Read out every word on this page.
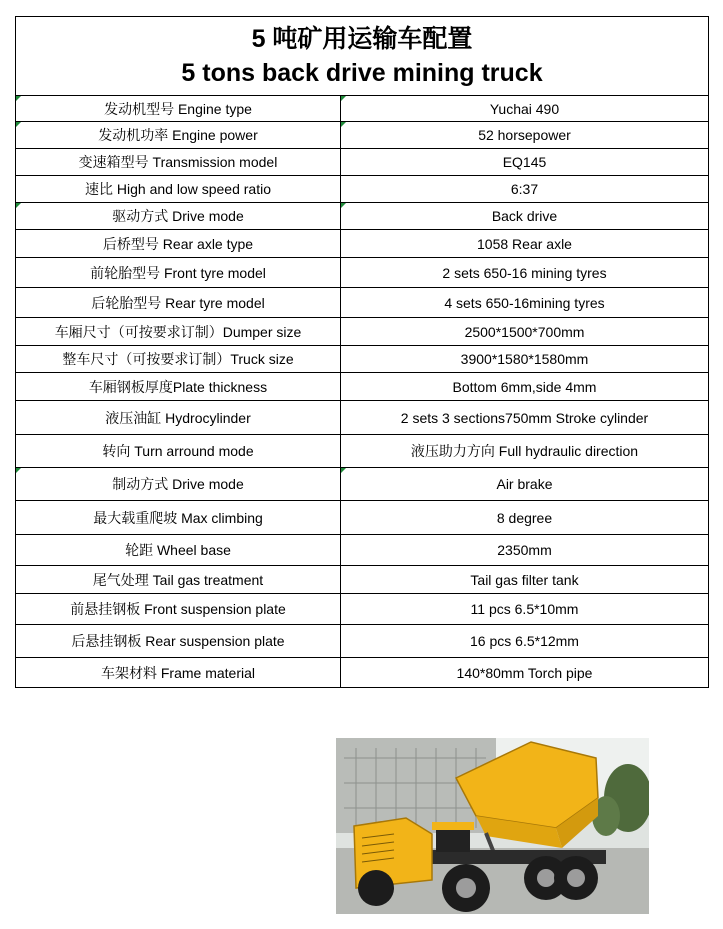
5 吨矿用运输车配置
5 tons back drive mining truck	

发动机型号 Engine type	Yuchai 490

发动机功率 Engine power	52 horsepower

变速箱型号 Transmission model	EQ145
速比 High and low speed ratio	6:37
驱动方式 Drive mode	Back drive

后桥型号 Rear axle type	1058 Rear axle
前轮胎型号 Front tyre model	2 sets 650-16 mining tyres
后轮胎型号 Rear tyre model	4 sets 650-16mining tyres
车厢尺寸（可按要求订制）Dumper size	2500*1500*700mm
整车尺寸（可按要求订制）Truck size	3900*1580*1580mm
车厢钢板厚度Plate thickness	Bottom 6mm,side 4mm
液压油缸 Hydrocylinder	2 sets 3 sections750mm Stroke cylinder
转向 Turn arround mode	液压助力方向 Full hydraulic direction
制动方式 Drive mode	Air brake

最大载重爬坡 Max climbing	8 degree
轮距 Wheel base	2350mm
尾气处理 Tail gas treatment	Tail gas filter tank
前悬挂钢板 Front suspension plate	11 pcs 6.5*10mm
后悬挂钢板 Rear suspension plate	16 pcs 6.5*12mm
车架材料 Frame material	140*80mm Torch pipe
